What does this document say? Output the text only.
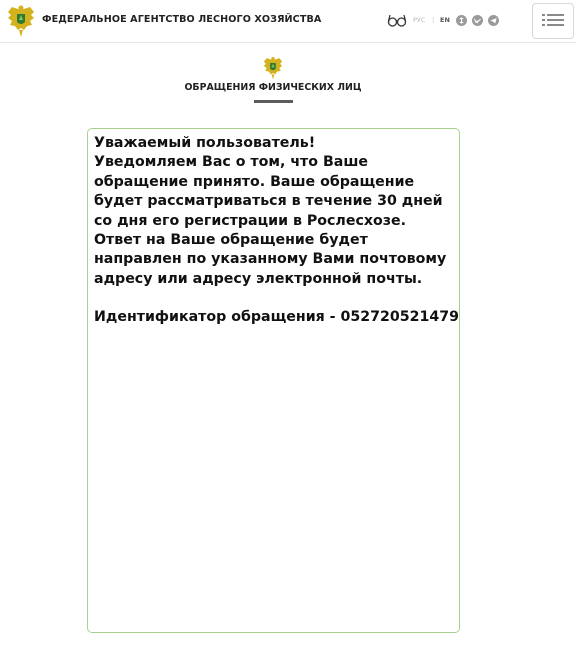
ФЕДЕРАЛЬНОЕ АГЕНТСТВО ЛЕСНОГО ХОЗЯЙСТВА	РУС | EN
ОБРАЩЕНИЯ ФИЗИЧЕСКИХ ЛИЦ

Уважаемый пользователь!

Уведомляем Вас о том, что Ваше обращение принято. Ваше обращение будет рассматриваться в течение 30 дней со дня его регистрации в Рослесхозе. Ответ на Ваше обращение будет направлен по указанному Вами почтовому адресу или адресу электронной почты.

Идентификатор обращения - 052720521479
